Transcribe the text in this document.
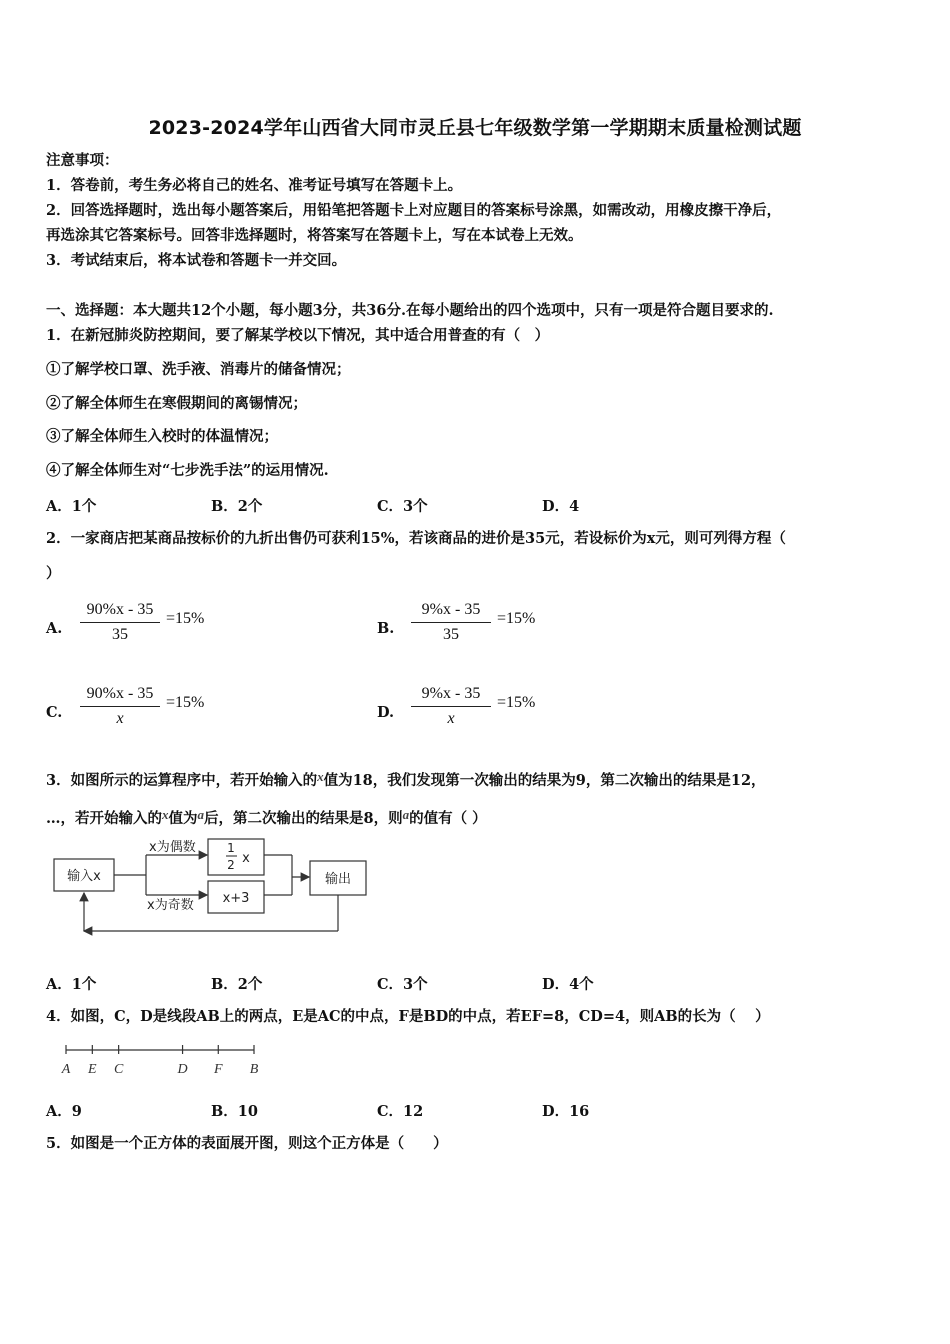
2023-2024学年山西省大同市灵丘县七年级数学第一学期期末质量检测试题
注意事项：
1．答卷前，考生务必将自己的姓名、准考证号填写在答题卡上。
2．回答选择题时，选出每小题答案后，用铅笔把答题卡上对应题目的答案标号涂黑，如需改动，用橡皮擦干净后，
再选涂其它答案标号。回答非选择题时，将答案写在答题卡上，写在本试卷上无效。
3．考试结束后，将本试卷和答题卡一并交回。
一、选择题：本大题共12个小题，每小题3分，共36分.在每小题给出的四个选项中，只有一项是符合题目要求的.
1．在新冠肺炎防控期间，要了解某学校以下情况，其中适合用普查的有（　）
①了解学校口罩、洗手液、消毒片的储备情况；
②了解全体师生在寒假期间的离锡情况；
③了解全体师生入校时的体温情况；
④了解全体师生对“七步洗手法”的运用情况.
A．1个	B．2个	C．3个	D．4
2．一家商店把某商品按标价的九折出售仍可获利15%，若该商品的进价是35元，若设标价为x元，则可列得方程（
）
A.
90%x - 35
35
=15%
B.
9%x - 35
35
=15%
C.
90%x - 35
x
=15%
D.
9%x - 35
x
=15%
3．如图所示的运算程序中，若开始输入的x值为18，我们发现第一次输出的结果为9，第二次输出的结果是12，
…，若开始输入的x值为a后，第二次输出的结果是8，则a的值有（ ）
输入x
x为偶数
x为奇数
1
2 x
x+3
输出
A．1个	B．2个	C．3个	D．4个
4．如图，C，D是线段AB上的两点，E是AC的中点，F是BD的中点，若EF=8，CD=4，则AB的长为（　 ）
A E C	D F B
A．9	B．10	C．12	D．16
5．如图是一个正方体的表面展开图，则这个正方体是（　　）
